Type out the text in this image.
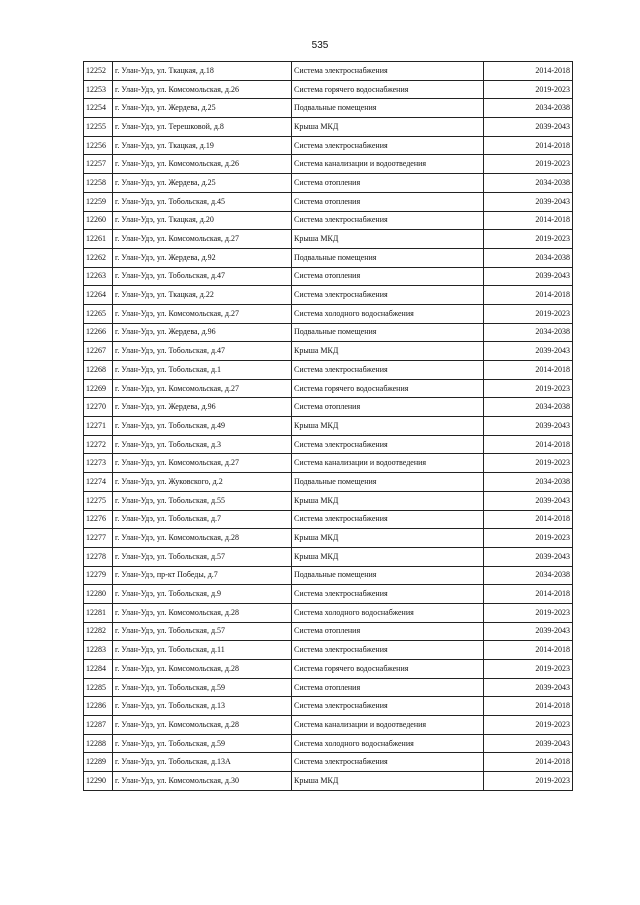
535
12252	г. Улан-Удэ, ул. Ткацкая, д.18	Система электроснабжения	2014-2018
12253	г. Улан-Удэ, ул. Комсомольская, д.26	Система горячего водоснабжения	2019-2023
12254	г. Улан-Удэ, ул. Жердева, д.25	Подвальные помещения	2034-2038
12255	г. Улан-Удэ, ул. Терешковой, д.8	Крыша МКД	2039-2043
12256	г. Улан-Удэ, ул. Ткацкая, д.19	Система электроснабжения	2014-2018
12257	г. Улан-Удэ, ул. Комсомольская, д.26	Система канализации и водоотведения	2019-2023
12258	г. Улан-Удэ, ул. Жердева, д.25	Система отопления	2034-2038
12259	г. Улан-Удэ, ул. Тобольская, д.45	Система отопления	2039-2043
12260	г. Улан-Удэ, ул. Ткацкая, д.20	Система электроснабжения	2014-2018
12261	г. Улан-Удэ, ул. Комсомольская, д.27	Крыша МКД	2019-2023
12262	г. Улан-Удэ, ул. Жердева, д.92	Подвальные помещения	2034-2038
12263	г. Улан-Удэ, ул. Тобольская, д.47	Система отопления	2039-2043
12264	г. Улан-Удэ, ул. Ткацкая, д.22	Система электроснабжения	2014-2018
12265	г. Улан-Удэ, ул. Комсомольская, д.27	Система холодного водоснабжения	2019-2023
12266	г. Улан-Удэ, ул. Жердева, д.96	Подвальные помещения	2034-2038
12267	г. Улан-Удэ, ул. Тобольская, д.47	Крыша МКД	2039-2043
12268	г. Улан-Удэ, ул. Тобольская, д.1	Система электроснабжения	2014-2018
12269	г. Улан-Удэ, ул. Комсомольская, д.27	Система горячего водоснабжения	2019-2023
12270	г. Улан-Удэ, ул. Жердева, д.96	Система отопления	2034-2038
12271	г. Улан-Удэ, ул. Тобольская, д.49	Крыша МКД	2039-2043
12272	г. Улан-Удэ, ул. Тобольская, д.3	Система электроснабжения	2014-2018
12273	г. Улан-Удэ, ул. Комсомольская, д.27	Система канализации и водоотведения	2019-2023
12274	г. Улан-Удэ, ул. Жуковского, д.2	Подвальные помещения	2034-2038
12275	г. Улан-Удэ, ул. Тобольская, д.55	Крыша МКД	2039-2043
12276	г. Улан-Удэ, ул. Тобольская, д.7	Система электроснабжения	2014-2018
12277	г. Улан-Удэ, ул. Комсомольская, д.28	Крыша МКД	2019-2023
12278	г. Улан-Удэ, ул. Тобольская, д.57	Крыша МКД	2039-2043
12279	г. Улан-Удэ, пр-кт Победы, д.7	Подвальные помещения	2034-2038
12280	г. Улан-Удэ, ул. Тобольская, д.9	Система электроснабжения	2014-2018
12281	г. Улан-Удэ, ул. Комсомольская, д.28	Система холодного водоснабжения	2019-2023
12282	г. Улан-Удэ, ул. Тобольская, д.57	Система отопления	2039-2043
12283	г. Улан-Удэ, ул. Тобольская, д.11	Система электроснабжения	2014-2018
12284	г. Улан-Удэ, ул. Комсомольская, д.28	Система горячего водоснабжения	2019-2023
12285	г. Улан-Удэ, ул. Тобольская, д.59	Система отопления	2039-2043
12286	г. Улан-Удэ, ул. Тобольская, д.13	Система электроснабжения	2014-2018
12287	г. Улан-Удэ, ул. Комсомольская, д.28	Система канализации и водоотведения	2019-2023
12288	г. Улан-Удэ, ул. Тобольская, д.59	Система холодного водоснабжения	2039-2043
12289	г. Улан-Удэ, ул. Тобольская, д.13А	Система электроснабжения	2014-2018
12290	г. Улан-Удэ, ул. Комсомольская, д.30	Крыша МКД	2019-2023
